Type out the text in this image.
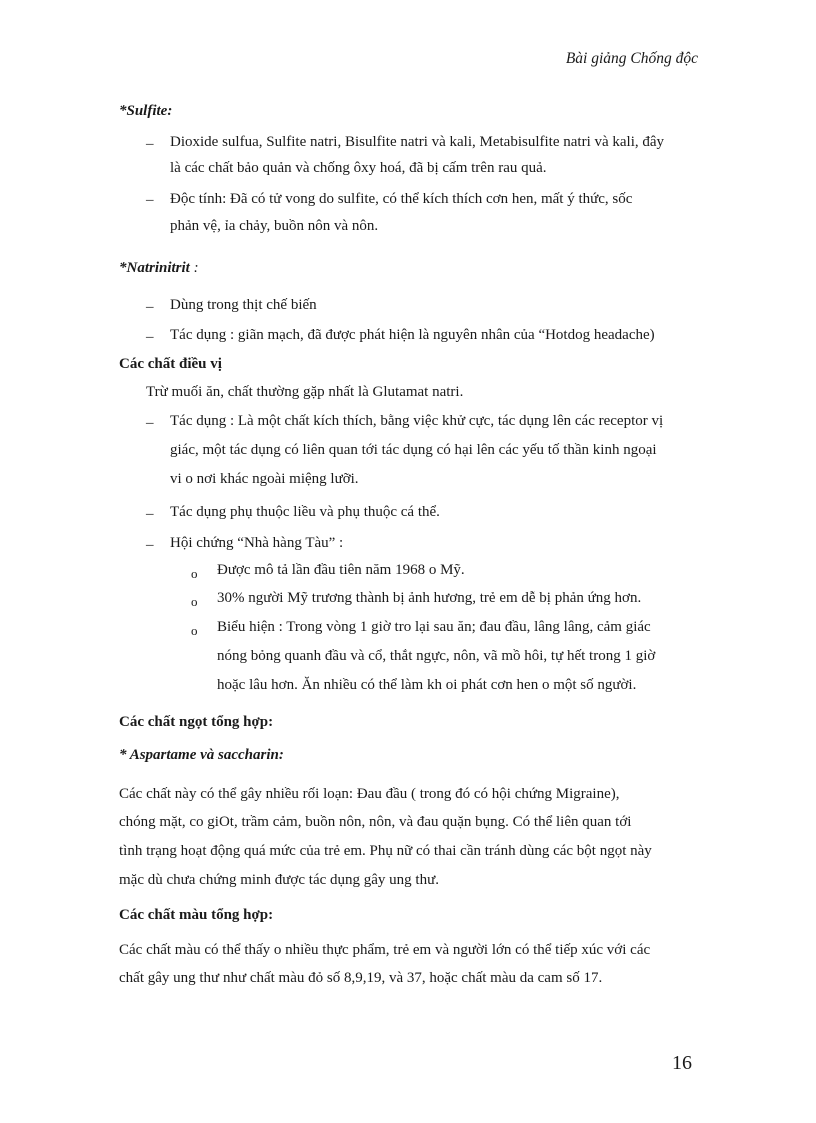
Bài giảng Chống độc
*Sulfite:
–	Dioxide sulfua, Sulfite natri, Bisulfite natri và kali, Metabisulfite natri và kali, đây
là các chất bảo quản và chống ôxy hoá, đã bị cấm trên rau quả.
–	Độc tính: Đã có tử vong do sulfite, có thể kích thích cơn hen, mất ý thức, sốc
phản vệ, ỉa chảy, buồn nôn và nôn.
*Natrinitrit :
–	Dùng trong thịt chế biến
–	Tác dụng : giãn mạch, đã được phát hiện là nguyên nhân của “Hotdog headache)
Các chất điều vị
Trừ muối ăn, chất thường gặp nhất là Glutamat natri.
–	Tác dụng : Là một chất kích thích, bằng việc khử cực, tác dụng lên các receptor vị
giác, một tác dụng có liên quan tới tác dụng có hại lên các yếu tố thần kinh ngoại
vi o nơi khác ngoài miệng lưỡi.
–	Tác dụng phụ thuộc liều và phụ thuộc cá thể.
–	Hội chứng “Nhà hàng Tàu” :
o Được mô tả lần đầu tiên năm 1968 o Mỹ.
o 30% người Mỹ trương thành bị ảnh hương, trẻ em dễ bị phản ứng hơn.
o Biểu hiện : Trong vòng 1 giờ tro lại sau ăn; đau đầu, lâng lâng, cảm giác
nóng bỏng quanh đầu và cổ, thắt ngực, nôn, vã mồ hôi, tự hết trong 1 giờ
hoặc lâu hơn. Ăn nhiều có thể làm kh oi phát cơn hen o một số người.
Các chất ngọt tổng hợp:
* Aspartame và saccharin:
Các chất này có thể gây nhiều rối loạn: Đau đầu ( trong đó có hội chứng Migraine),
chóng mặt, co giOt, trầm cảm, buồn nôn, nôn, và đau quặn bụng. Có thể liên quan tới
tình trạng hoạt động quá mức của trẻ em. Phụ nữ có thai cần tránh dùng các bột ngọt này
mặc dù chưa chứng minh được tác dụng gây ung thư.
Các chất màu tổng hợp:
Các chất màu có thể thấy o nhiều thực phẩm, trẻ em và người lớn có thể tiếp xúc với các
chất gây ung thư như chất màu đỏ số 8,9,19, và 37, hoặc chất màu da cam số 17.
16
